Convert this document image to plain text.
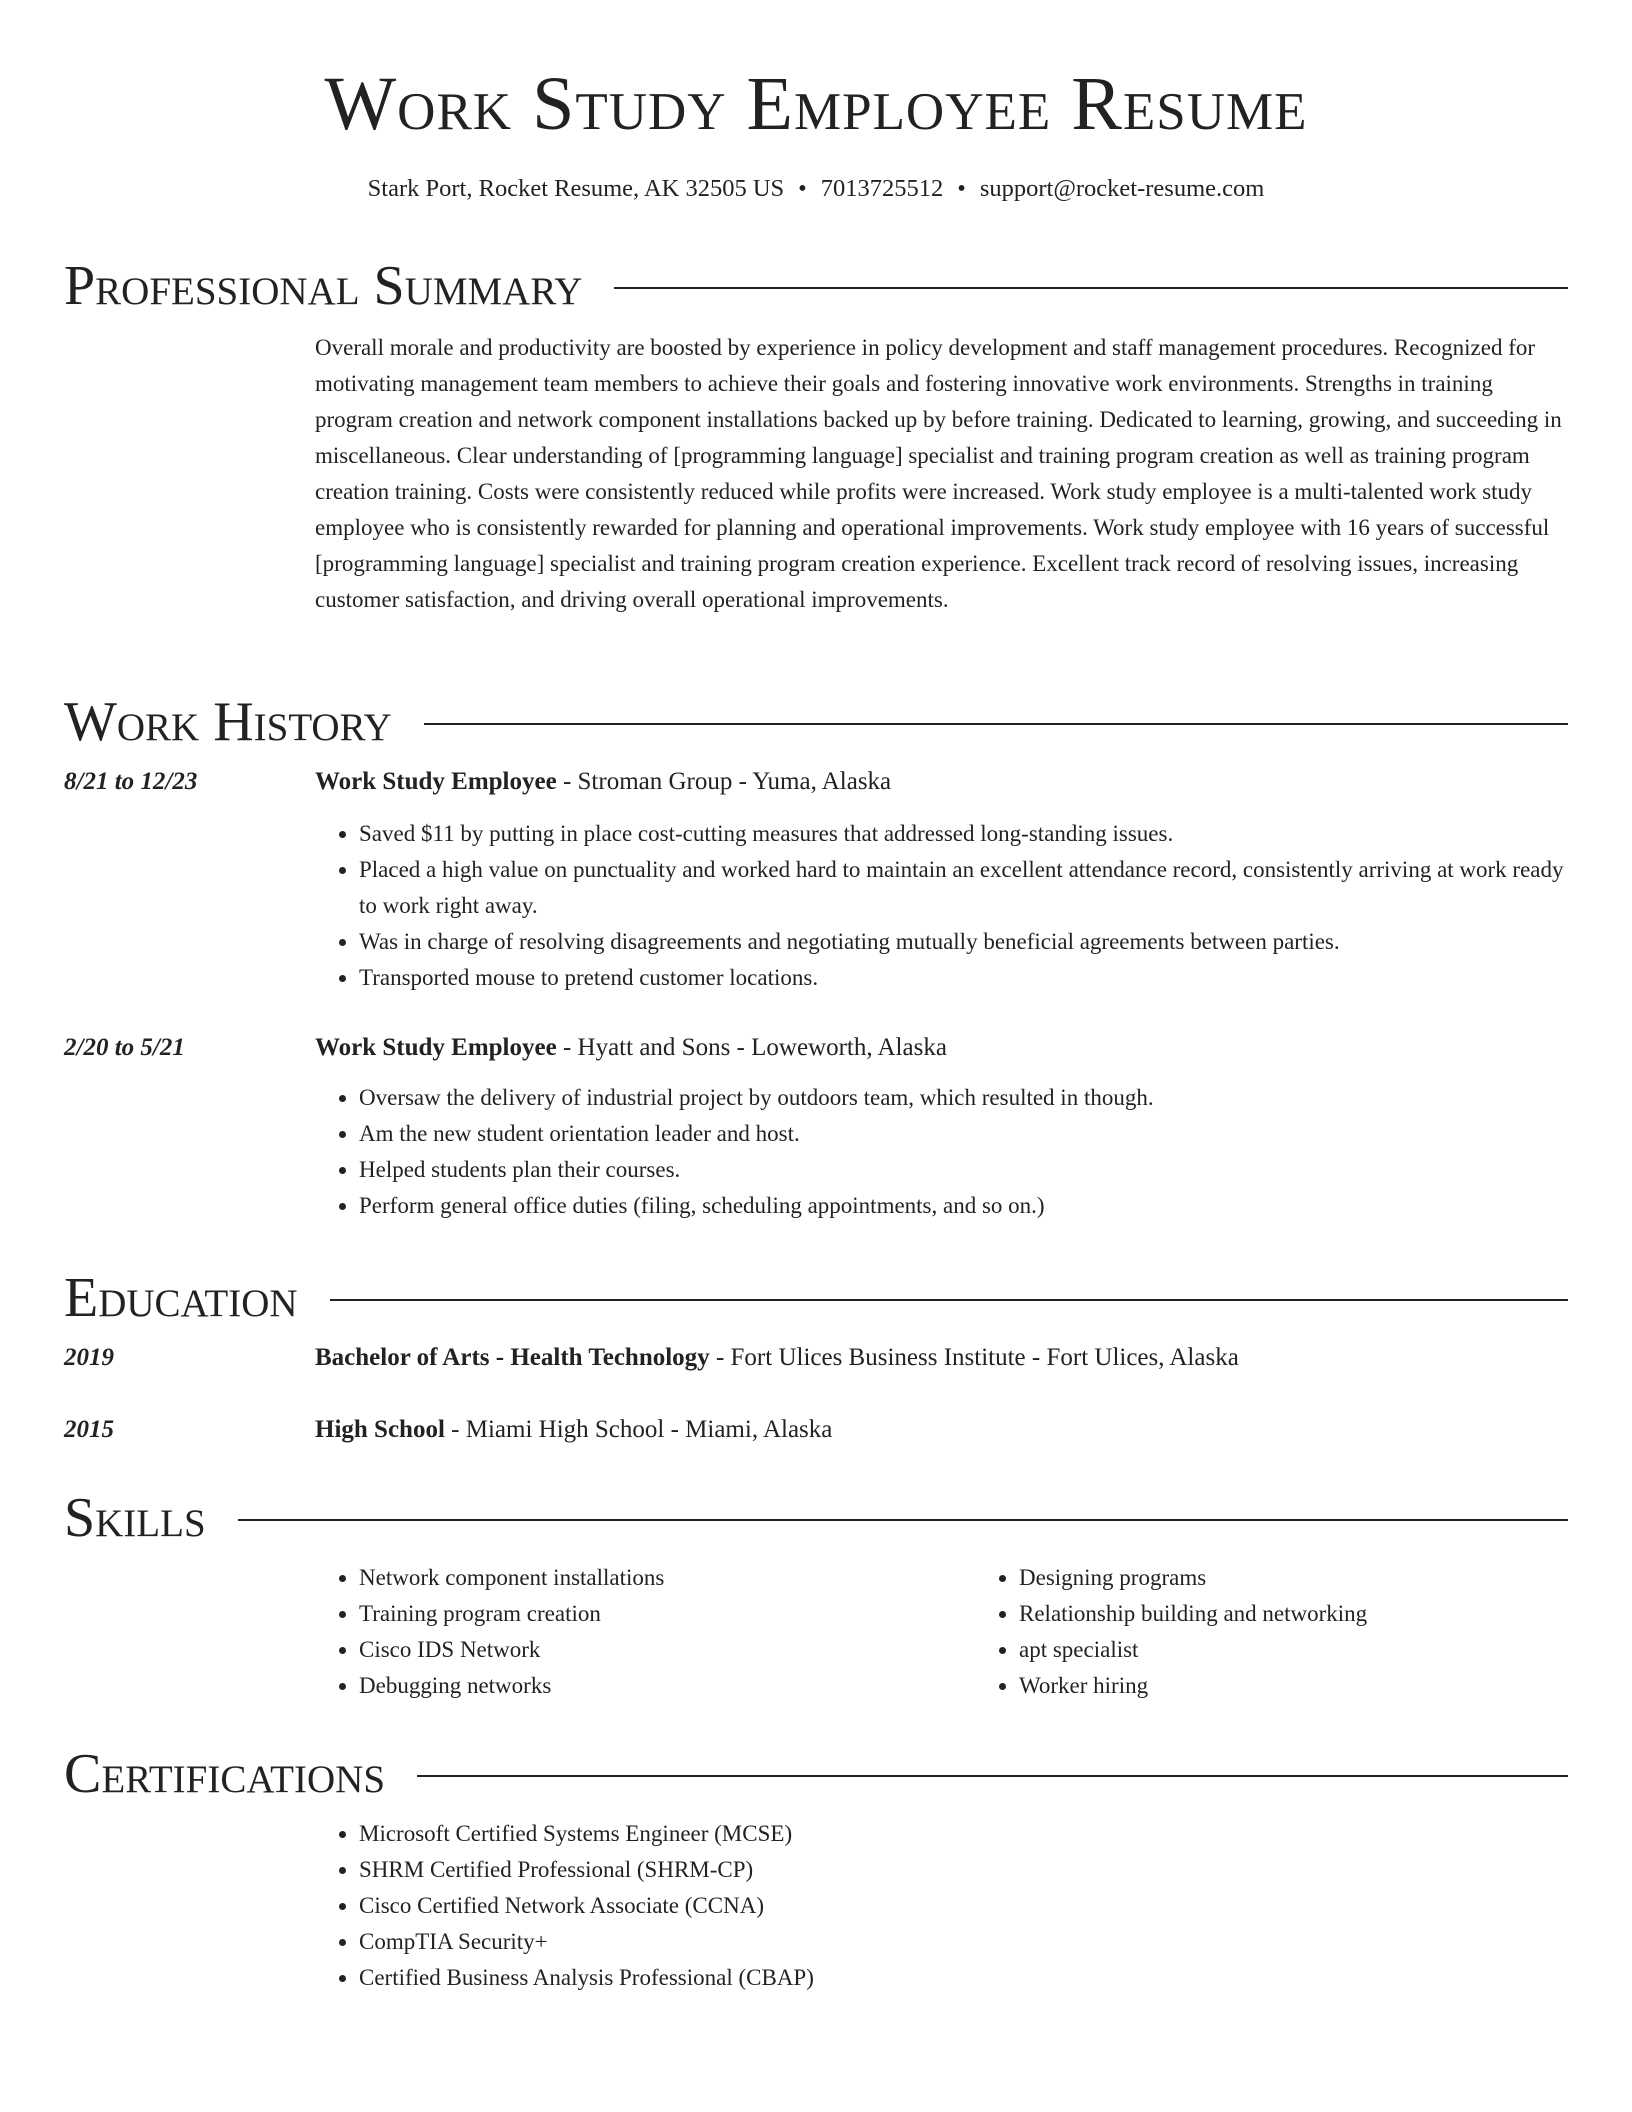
Work Study Employee Resume
Stark Port, Rocket Resume, AK 32505 US • 7013725512 • support@rocket-resume.com
Professional Summary

Overall morale and productivity are boosted by experience in policy development and staff management procedures. Recognized for motivating management team members to achieve their goals and fostering innovative work environments. Strengths in training program creation and network component installations backed up by before training. Dedicated to learning, growing, and succeeding in miscellaneous. Clear understanding of [programming language] specialist and training program creation as well as training program creation training. Costs were consistently reduced while profits were increased. Work study employee is a multi-talented work study employee who is consistently rewarded for planning and operational improvements. Work study employee with 16 years of successful [programming language] specialist and training program creation experience. Excellent track record of resolving issues, increasing customer satisfaction, and driving overall operational improvements.

Work History
8/21 to 12/23	Work Study Employee - Stroman Group - Yuma, Alaska
• Saved $11 by putting in place cost-cutting measures that addressed long-standing issues.
• Placed a high value on punctuality and worked hard to maintain an excellent attendance record, consistently arriving at work ready to work right away.
• Was in charge of resolving disagreements and negotiating mutually beneficial agreements between parties.
• Transported mouse to pretend customer locations.
2/20 to 5/21	Work Study Employee - Hyatt and Sons - Loweworth, Alaska
• Oversaw the delivery of industrial project by outdoors team, which resulted in though.
• Am the new student orientation leader and host.
• Helped students plan their courses.
• Perform general office duties (filing, scheduling appointments, and so on.)
Education
2019	Bachelor of Arts - Health Technology - Fort Ulices Business Institute - Fort Ulices, Alaska
2015	High School - Miami High School - Miami, Alaska
Skills
• Network component installations
• Training program creation
• Cisco IDS Network
• Debugging networks
• Designing programs
• Relationship building and networking
• apt specialist
• Worker hiring
Certifications
• Microsoft Certified Systems Engineer (MCSE)
• SHRM Certified Professional (SHRM-CP)
• Cisco Certified Network Associate (CCNA)
• CompTIA Security+
• Certified Business Analysis Professional (CBAP)
